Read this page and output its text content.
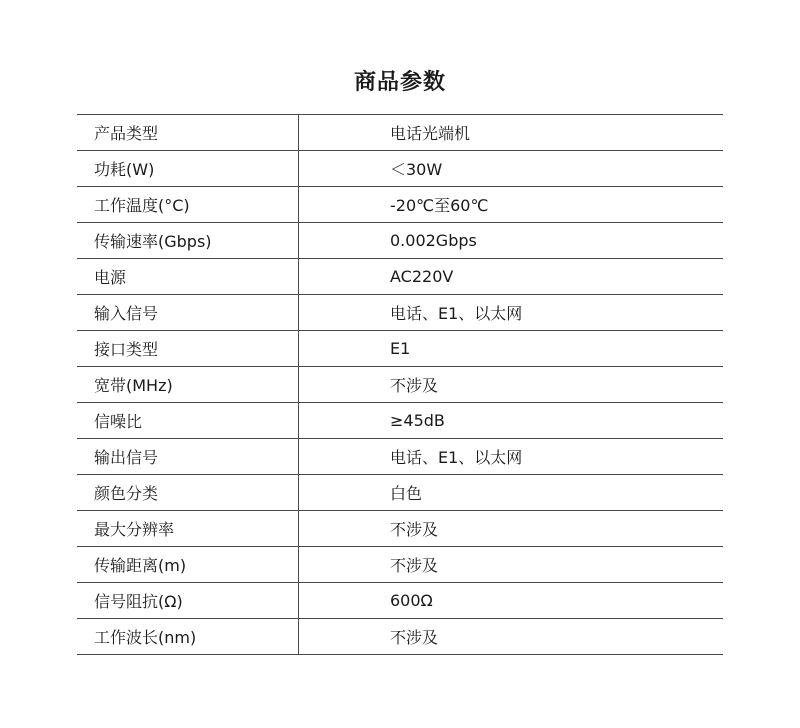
商品参数
产品类型	电话光端机
功耗(W)	＜30W
工作温度(°C)	-20℃至60℃
传输速率(Gbps)	0.002Gbps
电源	AC220V
输入信号	电话、E1、以太网
接口类型	E1
宽带(MHz)	不涉及
信噪比	≥45dB
输出信号	电话、E1、以太网
颜色分类	白色
最大分辨率	不涉及
传输距离(m)	不涉及
信号阻抗(Ω)	600Ω
工作波长(nm)	不涉及
